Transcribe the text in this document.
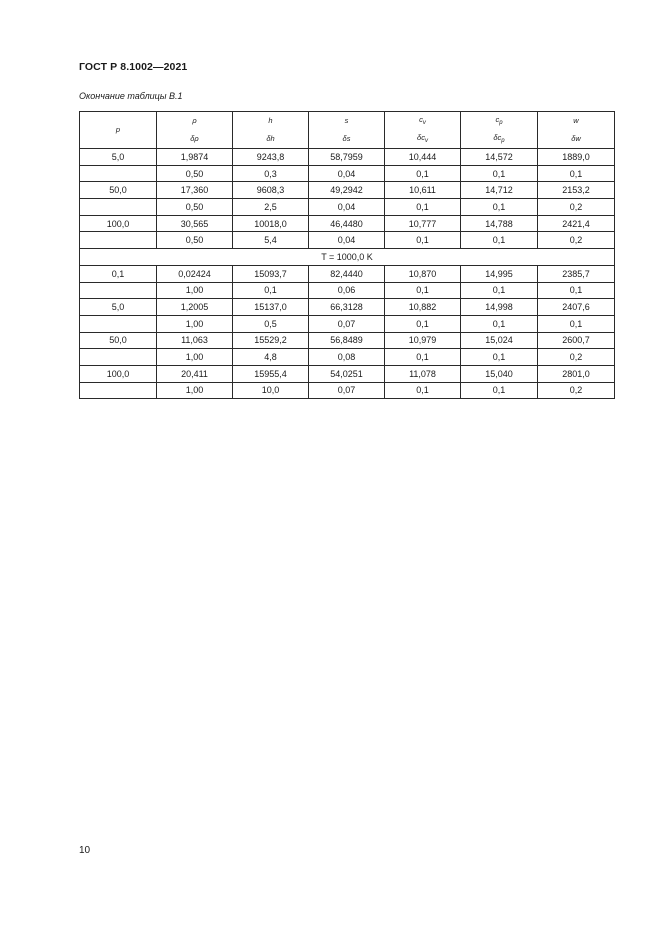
ГОСТ Р 8.1002—2021
Окончание таблицы В.1
p	ρ	h	s	$c_v$	$c_p$	w
	δρ	δh	δs	$\delta c_v$	$\delta c_p$	δw
5,0	1,9874	9243,8	58,7959	10,444	14,572	1889,0
	0,50	0,3	0,04	0,1	0,1	0,1
50,0	17,360	9608,3	49,2942	10,611	14,712	2153,2
	0,50	2,5	0,04	0,1	0,1	0,2
100,0	30,565	10018,0	46,4480	10,777	14,788	2421,4
	0,50	5,4	0,04	0,1	0,1	0,2
T = 1000,0 K						
0,1	0,02424	15093,7	82,4440	10,870	14,995	2385,7
	1,00	0,1	0,06	0,1	0,1	0,1
5,0	1,2005	15137,0	66,3128	10,882	14,998	2407,6
	1,00	0,5	0,07	0,1	0,1	0,1
50,0	11,063	15529,2	56,8489	10,979	15,024	2600,7
	1,00	4,8	0,08	0,1	0,1	0,2
100,0	20,411	15955,4	54,0251	11,078	15,040	2801,0
	1,00	10,0	0,07	0,1	0,1	0,2
10
